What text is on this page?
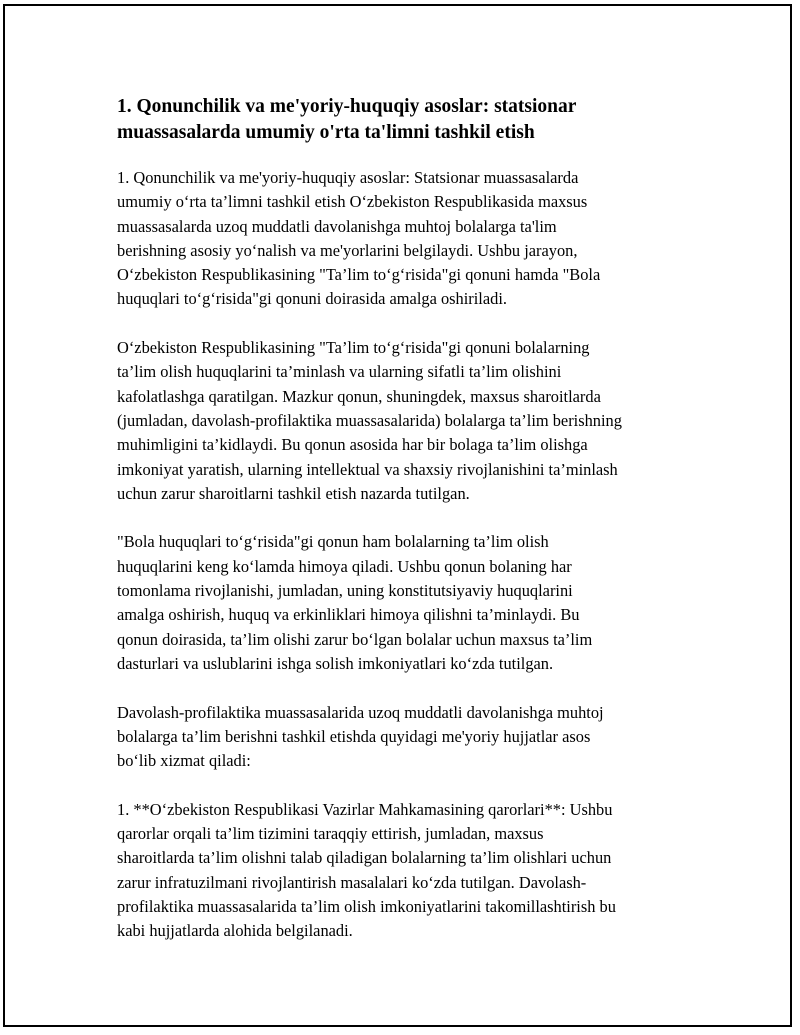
1. Qonunchilik va me'yoriy-huquqiy asoslar: statsionar
muassasalarda umumiy o'rta ta'limni tashkil etish

1. Qonunchilik va me'yoriy-huquqiy asoslar: Statsionar muassasalarda
umumiy o‘rta ta’limni tashkil etish O‘zbekiston Respublikasida maxsus
muassasalarda uzoq muddatli davolanishga muhtoj bolalarga ta'lim
berishning asosiy yo‘nalish va me'yorlarini belgilaydi. Ushbu jarayon,
O‘zbekiston Respublikasining "Ta’lim to‘g‘risida"gi qonuni hamda "Bola
huquqlari to‘g‘risida"gi qonuni doirasida amalga oshiriladi.

O‘zbekiston Respublikasining "Ta’lim to‘g‘risida"gi qonuni bolalarning
ta’lim olish huquqlarini ta’minlash va ularning sifatli ta’lim olishini
kafolatlashga qaratilgan. Mazkur qonun, shuningdek, maxsus sharoitlarda
(jumladan, davolash-profilaktika muassasalarida) bolalarga ta’lim berishning
muhimligini ta’kidlaydi. Bu qonun asosida har bir bolaga ta’lim olishga
imkoniyat yaratish, ularning intellektual va shaxsiy rivojlanishini ta’minlash
uchun zarur sharoitlarni tashkil etish nazarda tutilgan.

"Bola huquqlari to‘g‘risida"gi qonun ham bolalarning ta’lim olish
huquqlarini keng ko‘lamda himoya qiladi. Ushbu qonun bolaning har
tomonlama rivojlanishi, jumladan, uning konstitutsiyaviy huquqlarini
amalga oshirish, huquq va erkinliklari himoya qilishni ta’minlaydi. Bu
qonun doirasida, ta’lim olishi zarur bo‘lgan bolalar uchun maxsus ta’lim
dasturlari va uslublarini ishga solish imkoniyatlari ko‘zda tutilgan.

Davolash-profilaktika muassasalarida uzoq muddatli davolanishga muhtoj
bolalarga ta’lim berishni tashkil etishda quyidagi me'yoriy hujjatlar asos
bo‘lib xizmat qiladi:

1. **O‘zbekiston Respublikasi Vazirlar Mahkamasining qarorlari**: Ushbu
qarorlar orqali ta’lim tizimini taraqqiy ettirish, jumladan, maxsus
sharoitlarda ta’lim olishni talab qiladigan bolalarning ta’lim olishlari uchun
zarur infratuzilmani rivojlantirish masalalari ko‘zda tutilgan. Davolash-
profilaktika muassasalarida ta’lim olish imkoniyatlarini takomillashtirish bu
kabi hujjatlarda alohida belgilanadi.
